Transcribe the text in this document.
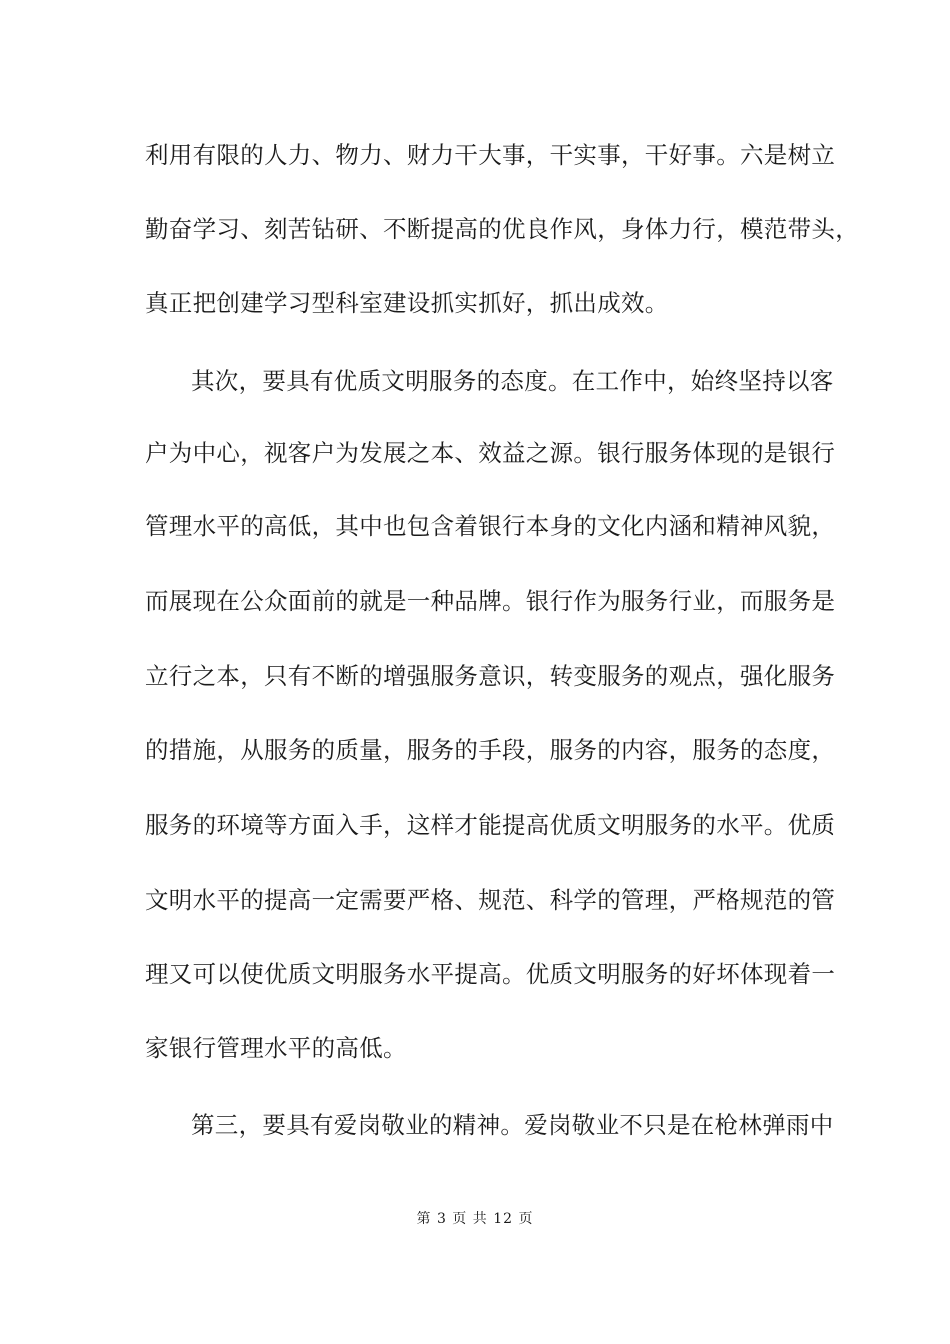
利用有限的人力、物力、财力干大事，干实事，干好事。六是树立
勤奋学习、刻苦钻研、不断提高的优良作风，身体力行，模范带头，
真正把创建学习型科室建设抓实抓好，抓出成效。
其次，要具有优质文明服务的态度。在工作中，始终坚持以客
户为中心，视客户为发展之本、效益之源。银行服务体现的是银行
管理水平的高低，其中也包含着银行本身的文化内涵和精神风貌，
而展现在公众面前的就是一种品牌。银行作为服务行业，而服务是
立行之本，只有不断的增强服务意识，转变服务的观点，强化服务
的措施，从服务的质量，服务的手段，服务的内容，服务的态度，
服务的环境等方面入手，这样才能提高优质文明服务的水平。优质
文明水平的提高一定需要严格、规范、科学的管理，严格规范的管
理又可以使优质文明服务水平提高。优质文明服务的好坏体现着一
家银行管理水平的高低。
第三，要具有爱岗敬业的精神。爱岗敬业不只是在枪林弹雨中
第 3 页 共 12 页
